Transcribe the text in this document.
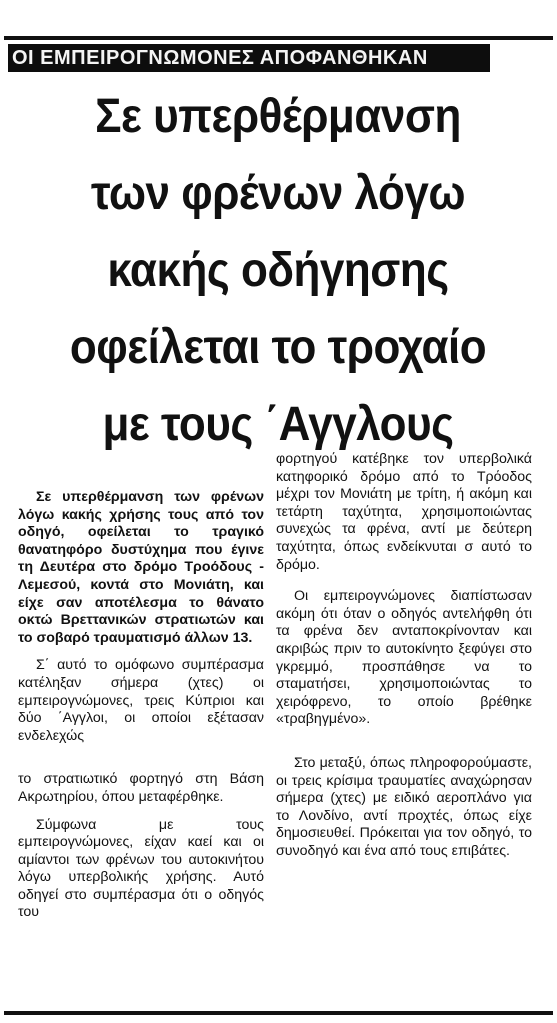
ΟΙ ΕΜΠΕΙΡΟΓΝΩΜΟΝΕΣ ΑΠΟΦΑΝΘΗΚΑΝ
Σε υπερθέρμανση
των φρένων λόγω
κακής οδήγησης
οφείλεται το τροχαίο
με τους ΄Αγγλους

Σε υπερθέρμανση των φρένων λόγω κακής χρήσης τους από τον οδηγό, οφείλεται το τραγικό θανατηφόρο δυστύχημα που έγινε τη Δευτέρα στο δρόμο Τροόδους - Λεμεσού, κοντά στο Μονιάτη, και είχε σαν αποτέλεσμα το θάνατο οκτώ Βρεττανικών στρατιωτών και το σοβαρό τραυματισμό άλλων 13.

Σ΄ αυτό το ομόφωνο συμπέρασμα κατέληξαν σήμερα (χτες) οι εμπειρογνώμονες, τρεις Κύπριοι και δύο ΄Αγγλοι, οι οποίοι εξέτασαν ενδελεχώς

το στρατιωτικό φορτηγό στη Βάση Ακρωτηρίου, όπου μεταφέρθηκε.

Σύμφωνα με τους εμπειρογνώμονες, είχαν καεί και οι αμίαντοι των φρένων του αυτοκινήτου λόγω υπερβολικής χρήσης. Αυτό οδηγεί στο συμπέρασμα ότι ο οδηγός του

φορτηγού κατέβηκε τον υπερβολικά κατηφορικό δρόμο από το Τρόοδος μέχρι τον Μονιάτη με τρίτη, ή ακόμη και τετάρτη ταχύτητα, χρησιμοποιώντας συνεχώς τα φρένα, αντί με δεύτερη ταχύτητα, όπως ενδείκνυται σ αυτό το δρόμο.

Οι εμπειρογνώμονες διαπίστωσαν ακόμη ότι όταν ο οδηγός αντελήφθη ότι τα φρένα δεν ανταποκρίνονταν και ακριβώς πριν το αυτοκίνητο ξεφύγει στο γκρεμμό, προσπάθησε να το σταματήσει, χρησιμοποιώντας το χειρόφρενο, το οποίο βρέθηκε «τραβηγμένο».

Στο μεταξύ, όπως πληροφορούμαστε, οι τρεις κρίσιμα τραυματίες αναχώρησαν σήμερα (χτες) με ειδικό αεροπλάνο για το Λονδίνο, αντί προχτές, όπως είχε δημοσιευθεί. Πρόκειται για τον οδηγό, το συνοδηγό και ένα από τους επιβάτες.
